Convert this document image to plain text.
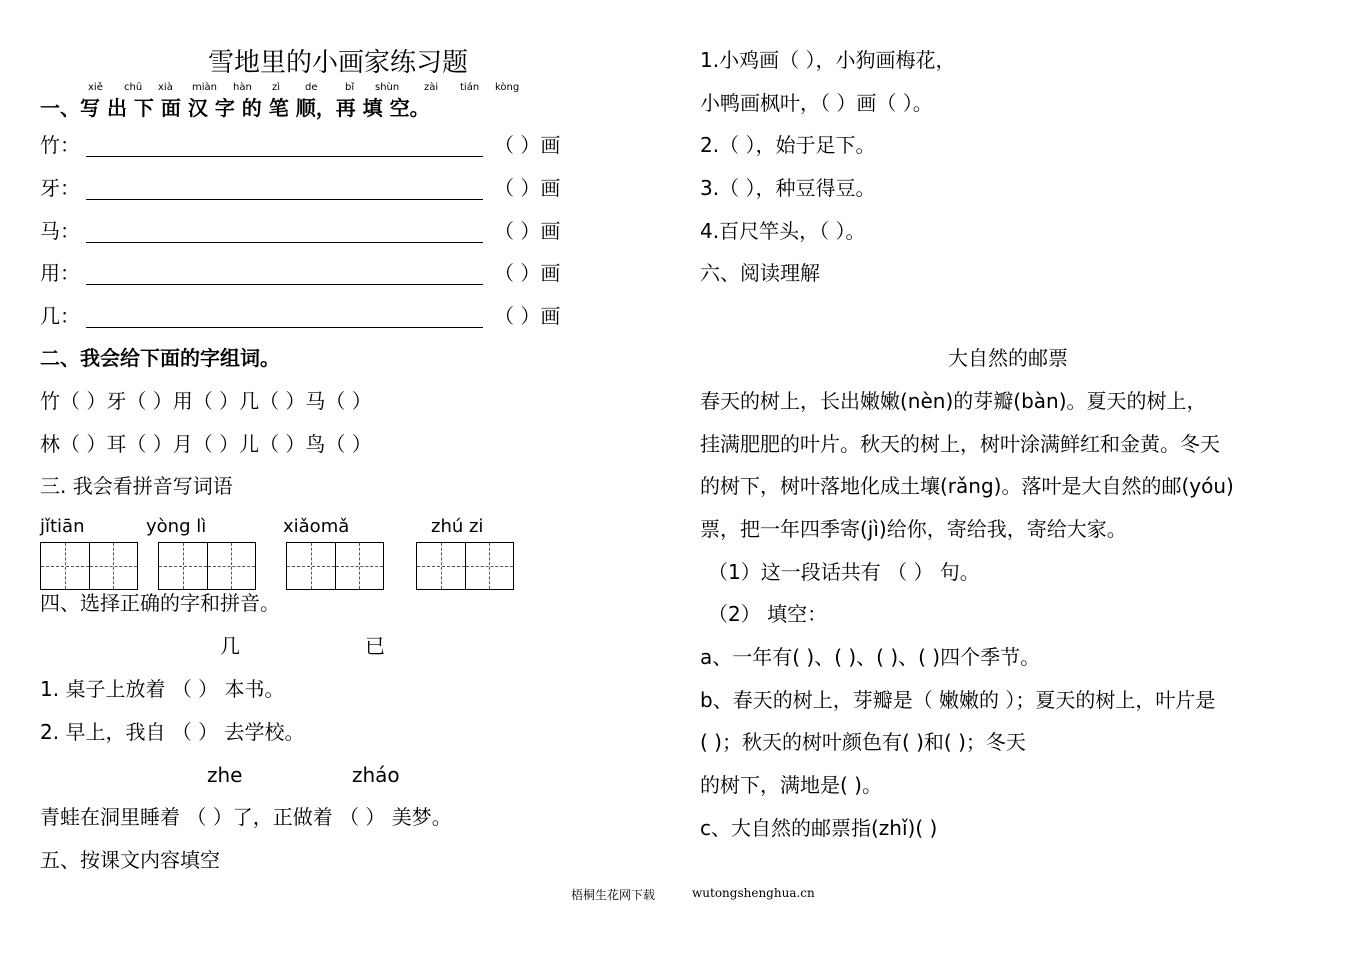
雪地里的小画家练习题
xiě chū xià miàn hàn zì de	bǐ shùn zài tián kòng
一、写 出 下 面 汉 字 的 笔 顺，再 填 空。
竹：	（ ）画
牙：	（ ）画
马：	（ ）画
用：	（ ）画
几：	（ ）画
二、我会给下面的字组词。
竹（ ）牙（ ）用（ ）几（ ）马（ ）
林（ ）耳（ ）月（ ）儿（ ）鸟（ ）
三. 我会看拼音写词语
jǐtiān	yòng lì	xiǎomǎ	zhú zi
四、选择正确的字和拼音。
几	已
1. 桌子上放着 （ ） 本书。
2. 早上，我自 （ ） 去学校。
zhe	zháo
青蛙在洞里睡着 （ ）了，正做着 （ ） 美梦。
五、按课文内容填空
1.小鸡画（ ），小狗画梅花，
小鸭画枫叶，（ ）画（ ）。
2.（ ），始于足下。
3.（ ），种豆得豆。
4.百尺竿头，（ ）。
六、阅读理解
大自然的邮票
春天的树上，长出嫩嫩(nèn)的芽瓣(bàn)。夏天的树上，
挂满肥肥的叶片。秋天的树上，树叶涂满鲜红和金黄。冬天
的树下，树叶落地化成土壤(rǎng)。落叶是大自然的邮(yóu)
票，把一年四季寄(jì)给你，寄给我，寄给大家。
（1）这一段话共有 （ ） 句。
（2） 填空：
a、一年有( )、( )、( )、( )四个季节。
b、春天的树上，芽瓣是（ 嫩嫩的 ）；夏天的树上，叶片是
( )；秋天的树叶颜色有( )和( )；冬天
的树下，满地是( )。
c、大自然的邮票指(zhǐ)( )
梧桐生花网下载	wutongshenghua.cn
